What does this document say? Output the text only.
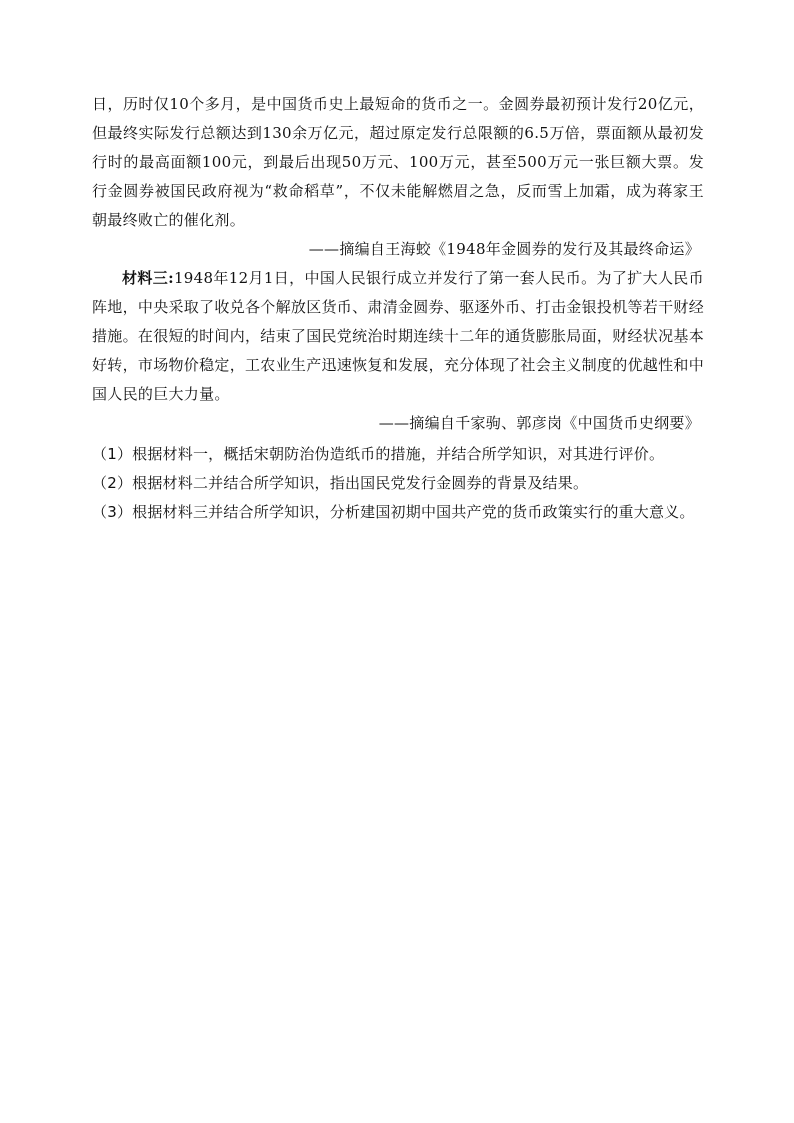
日，历时仅10个多月，是中国货币史上最短命的货币之一。金圆券最初预计发行20亿元，但最终实际发行总额达到130余万亿元，超过原定发行总限额的6.5万倍，票面额从最初发行时的最高面额100元，到最后出现50万元、100万元，甚至500万元一张巨额大票。发行金圆券被国民政府视为“救命稻草”，不仅未能解燃眉之急，反而雪上加霜，成为蒋家王朝最终败亡的催化剂。

——摘编自王海蛟《1948年金圆券的发行及其最终命运》

材料三:1948年12月1日，中国人民银行成立并发行了第一套人民币。为了扩大人民币阵地，中央采取了收兑各个解放区货币、肃清金圆券、驱逐外币、打击金银投机等若干财经措施。在很短的时间内，结束了国民党统治时期连续十二年的通货膨胀局面，财经状况基本好转，市场物价稳定，工农业生产迅速恢复和发展，充分体现了社会主义制度的优越性和中国人民的巨大力量。

——摘编自千家驹、郭彦岗《中国货币史纲要》

（1）根据材料一，概括宋朝防治伪造纸币的措施，并结合所学知识，对其进行评价。

（2）根据材料二并结合所学知识，指出国民党发行金圆券的背景及结果。

（3）根据材料三并结合所学知识，分析建国初期中国共产党的货币政策实行的重大意义。
